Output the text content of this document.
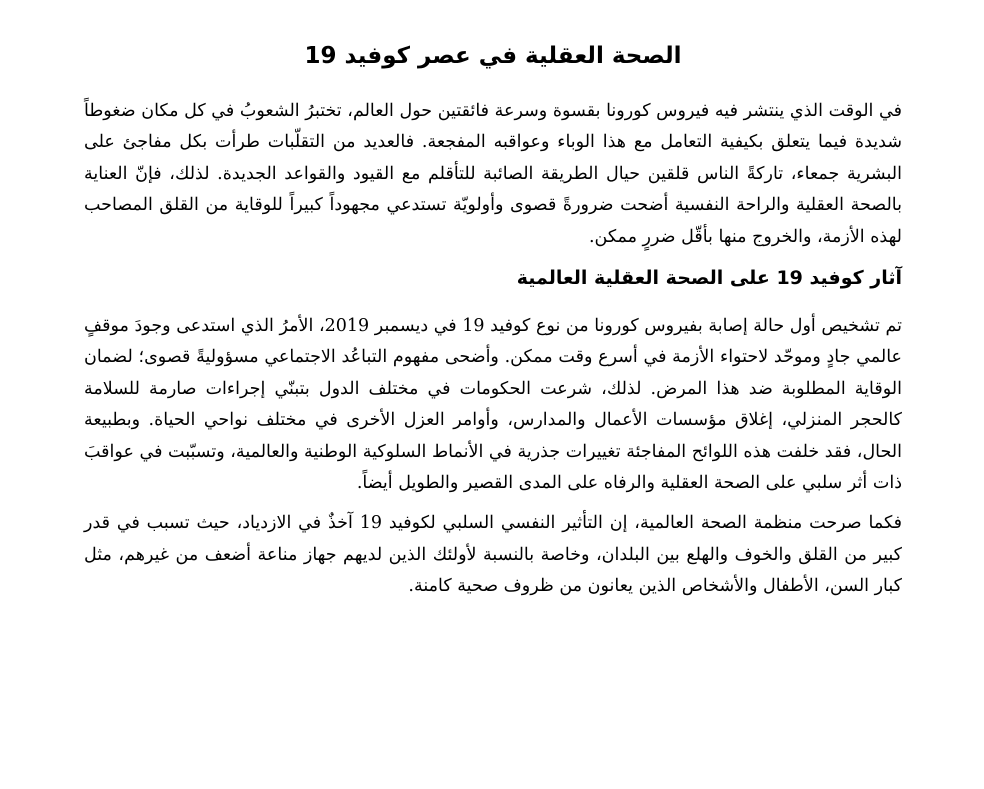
الصحة العقلية في عصر كوفيد 19

في الوقت الذي ينتشر فيه فيروس كورونا بقسوة وسرعة فائقتين حول العالم، تختبرُ الشعوبُ في كل مكان ضغوطاً شديدة فيما يتعلق بكيفية التعامل مع هذا الوباء وعواقبه المفجعة. فالعديد من التقلّبات طرأت بكل مفاجئ على البشرية جمعاء، تاركةً الناس قلقين حيال الطريقة الصائبة للتأقلم مع القيود والقواعد الجديدة. لذلك، فإنّ العناية بالصحة العقلية والراحة النفسية أضحت ضرورةً قصوى وأولويّة تستدعي مجهوداً كبيراً للوقاية من القلق المصاحب لهذه الأزمة، والخروج منها بأقّل ضررٍ ممكن.

آثار كوفيد 19 على الصحة العقلية العالمية

تم تشخيص أول حالة إصابة بفيروس كورونا من نوع كوفيد 19 في ديسمبر 2019، الأمرُ الذي استدعى وجودَ موقفٍ عالمي جادٍ وموحّد لاحتواء الأزمة في أسرع وقت ممكن. وأضحى مفهوم التباعُد الاجتماعي مسؤوليةً قصوى؛ لضمان الوقاية المطلوبة ضد هذا المرض. لذلك، شرعت الحكومات في مختلف الدول بتبنّي إجراءات صارمة للسلامة كالحجر المنزلي، إغلاق مؤسسات الأعمال والمدارس، وأوامر العزل الأخرى في مختلف نواحي الحياة. وبطبيعة الحال، فقد خلفت هذه اللوائح المفاجئة تغييرات جذرية في الأنماط السلوكية الوطنية والعالمية، وتسبّبت في عواقبَ ذات أثر سلبي على الصحة العقلية والرفاه على المدى القصير والطويل أيضاً.

فكما صرحت منظمة الصحة العالمية، إن التأثير النفسي السلبي لكوفيد 19 آخذٌ في الازدياد، حيث تسبب في قدر كبير من القلق والخوف والهلع بين البلدان، وخاصة بالنسبة لأولئك الذين لديهم جهاز مناعة أضعف من غيرهم، مثل كبار السن، الأطفال والأشخاص الذين يعانون من ظروف صحية كامنة.
